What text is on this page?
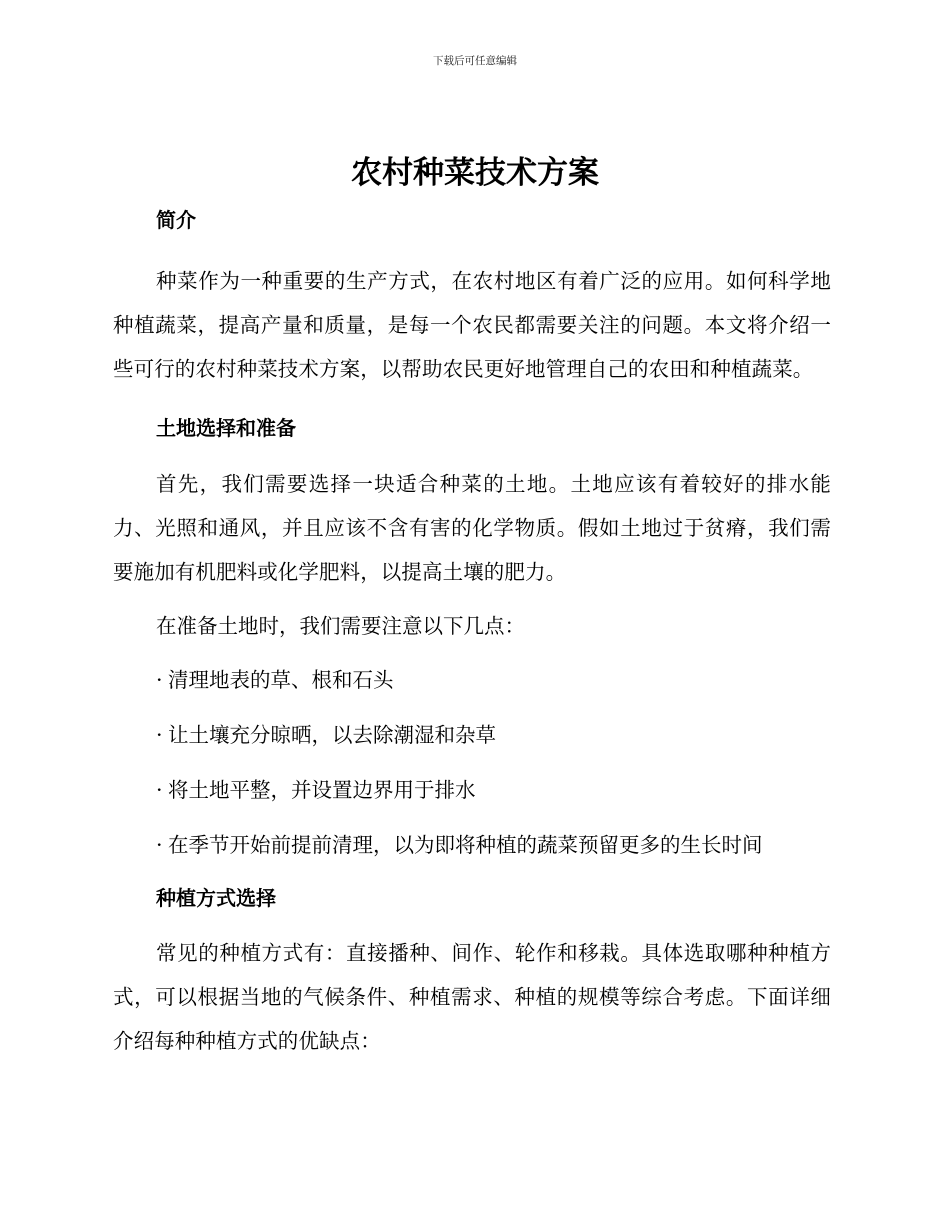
下载后可任意编辑
农村种菜技术方案
简介

种菜作为一种重要的生产方式，在农村地区有着广泛的应用。如何科学地种植蔬菜，提高产量和质量，是每一个农民都需要关注的问题。本文将介绍一些可行的农村种菜技术方案，以帮助农民更好地管理自己的农田和种植蔬菜。

土地选择和准备

首先，我们需要选择一块适合种菜的土地。土地应该有着较好的排水能力、光照和通风，并且应该不含有害的化学物质。假如土地过于贫瘠，我们需要施加有机肥料或化学肥料，以提高土壤的肥力。

在准备土地时，我们需要注意以下几点：

· 清理地表的草、根和石头

· 让土壤充分晾晒，以去除潮湿和杂草

· 将土地平整，并设置边界用于排水

· 在季节开始前提前清理，以为即将种植的蔬菜预留更多的生长时间

种植方式选择

常见的种植方式有：直接播种、间作、轮作和移栽。具体选取哪种种植方式，可以根据当地的气候条件、种植需求、种植的规模等综合考虑。下面详细介绍每种种植方式的优缺点：
